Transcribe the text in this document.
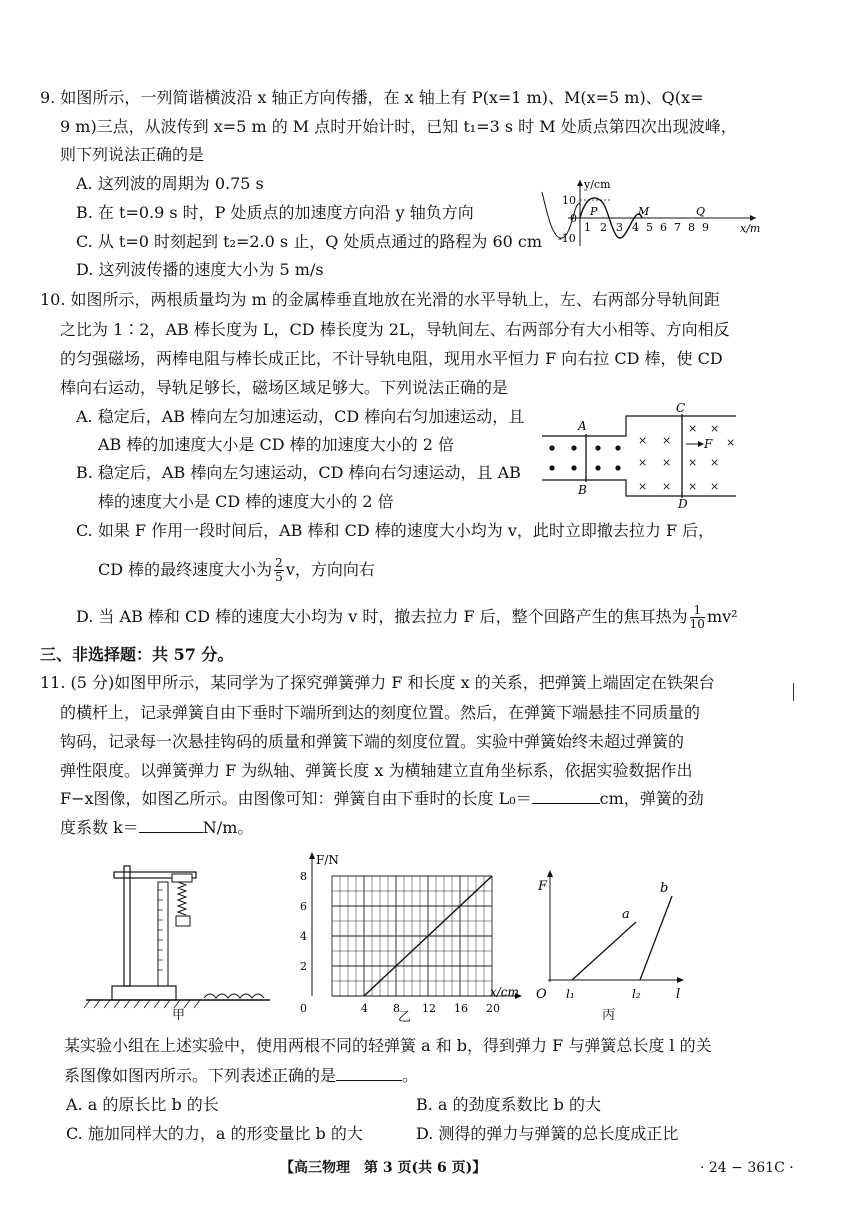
9. 如图所示，一列简谐横波沿 x 轴正方向传播，在 x 轴上有 P(x=1 m)、M(x=5 m)、Q(x=
9 m)三点，从波传到 x=5 m 的 M 点时开始计时，已知 t₁=3 s 时 M 处质点第四次出现波峰，
则下列说法正确的是
A. 这列波的周期为 0.75 s
B. 在 t=0.9 s 时，P 处质点的加速度方向沿 y 轴负方向
C. 从 t=0 时刻起到 t₂=2.0 s 止，Q 处质点通过的路程为 60 cm
D. 这列波传播的速度大小为 5 m/s
y/cm
x/m
10
0
-10
P	M	Q
1 2 3 4 5 6 7 8 9
10. 如图所示，两根质量均为 m 的金属棒垂直地放在光滑的水平导轨上，左、右两部分导轨间距
之比为 1∶2，AB 棒长度为 L，CD 棒长度为 2L，导轨间左、右两部分有大小相等、方向相反
的匀强磁场，两棒电阻与棒长成正比，不计导轨电阻，现用水平恒力 F 向右拉 CD 棒，使 CD
棒向右运动，导轨足够长，磁场区域足够大。下列说法正确的是
A. 稳定后，AB 棒向左匀加速运动，CD 棒向右匀加速运动，且
AB 棒的加速度大小是 CD 棒的加速度大小的 2 倍
B. 稳定后，AB 棒向左匀速运动，CD 棒向右匀速运动，且 AB
棒的速度大小是 CD 棒的速度大小的 2 倍
C. 如果 F 作用一段时间后，AB 棒和 CD 棒的速度大小均为 v，此时立即撤去拉力 F 后，
CD 棒的最终速度大小为 $\frac{2}{5}$ v，方向向右
D. 当 AB 棒和 CD 棒的速度大小均为 v 时，撤去拉力 F 后，整个回路产生的焦耳热为 $\frac{1}{10} mv^2$
A
B
C
D
× ×
× ×
× × × ×
× × × ×
×
F
三、非选择题：共 57 分。
11. (5 分)如图甲所示，某同学为了探究弹簧弹力 F 和长度 x 的关系，把弹簧上端固定在铁架台
的横杆上，记录弹簧自由下垂时下端所到达的刻度位置。然后，在弹簧下端悬挂不同质量的
钩码，记录每一次悬挂钩码的质量和弹簧下端的刻度位置。实验中弹簧始终未超过弹簧的
弹性限度。以弹簧弹力 F 为纵轴、弹簧长度 x 为横轴建立直角坐标系，依据实验数据作出
F−x图像，如图乙所示。由图像可知：弹簧自由下垂时的长度 L₀＝	cm，弹簧的劲
度系数 k＝	N/m。
甲
F/N
x/cm
2
4
6
8
0	4 8 12 16 20
乙
F
O l₁	l₂	l
a
b
丙
某实验小组在上述实验中，使用两根不同的轻弹簧 a 和 b，得到弹力 F 与弹簧总长度 l 的关
系图像如图丙所示。下列表述正确的是	。
A. a 的原长比 b 的长	B. a 的劲度系数比 b 的大
C. 施加同样大的力，a 的形变量比 b 的大	D. 测得的弹力与弹簧的总长度成正比
【高三物理　第 3 页(共 6 页)】	· 24 − 361C ·
